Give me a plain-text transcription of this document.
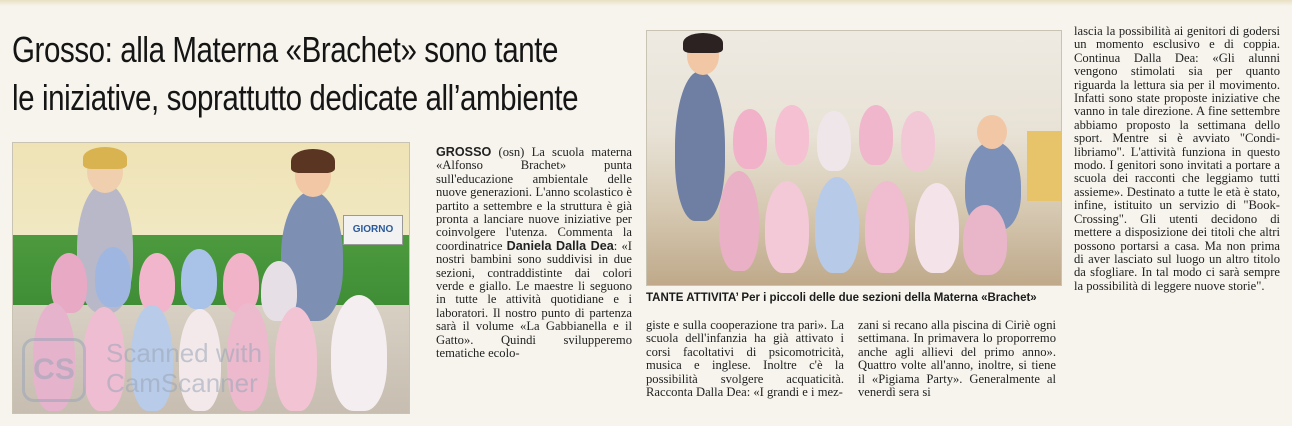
Grosso: alla Materna «Brachet» sono tante
le iniziative, soprattutto dedicate all’ambiente
GIORNO
TANTE ATTIVITA’ Per i piccoli delle due sezioni della Materna «Brachet»

GROSSO (osn) La scuola materna «Alfonso Brachet» punta sull'educazione ambientale delle nuove generazioni. L'anno scolastico è partito a settembre e la struttura è già pronta a lanciare nuove iniziative per coinvolgere l'utenza. Commenta la coordinatrice Daniela Dalla Dea: «I nostri bambini sono suddivisi in due sezioni, contraddistinte dai colori verde e giallo. Le maestre li seguono in tutte le attività quotidiane e i laboratori. Il nostro punto di partenza sarà il volume «La Gabbianella e il Gatto». Quindi svilupperemo tematiche ecolo-

giste e sulla cooperazione tra pari». La scuola dell'infanzia ha già attivato i corsi facoltativi di psicomotricità, musica e inglese. Inoltre c'è la possibilità svolgere acquaticità. Racconta Dalla Dea: «I grandi e i mez-

zani si recano alla piscina di Ciriè ogni settimana. In primavera lo proporremo anche agli allievi del primo anno». Quattro volte all'anno, inoltre, si tiene il «Pigiama Party». Generalmente al venerdì sera si

lascia la possibilità ai genitori di godersi un momento esclusivo e di coppia. Continua Dalla Dea: «Gli alunni vengono stimolati sia per quanto riguarda la lettura sia per il movimento. Infatti sono state proposte iniziative che vanno in tale direzione. A fine settembre abbiamo proposto la settimana dello sport. Mentre si è avviato "Condi-libriamo". L'attività funziona in questo modo. I genitori sono invitati a portare a scuola dei racconti che leggiamo tutti assieme». Destinato a tutte le età è stato, infine, istituito un servizio di "Book-Crossing". Gli utenti decidono di mettere a disposizione dei titoli che altri possono portarsi a casa. Ma non prima di aver lasciato sul luogo un altro titolo da sfogliare. In tal modo ci sarà sempre la possibilità di leggere nuove storie".

CS	Scanned with CamScanner
